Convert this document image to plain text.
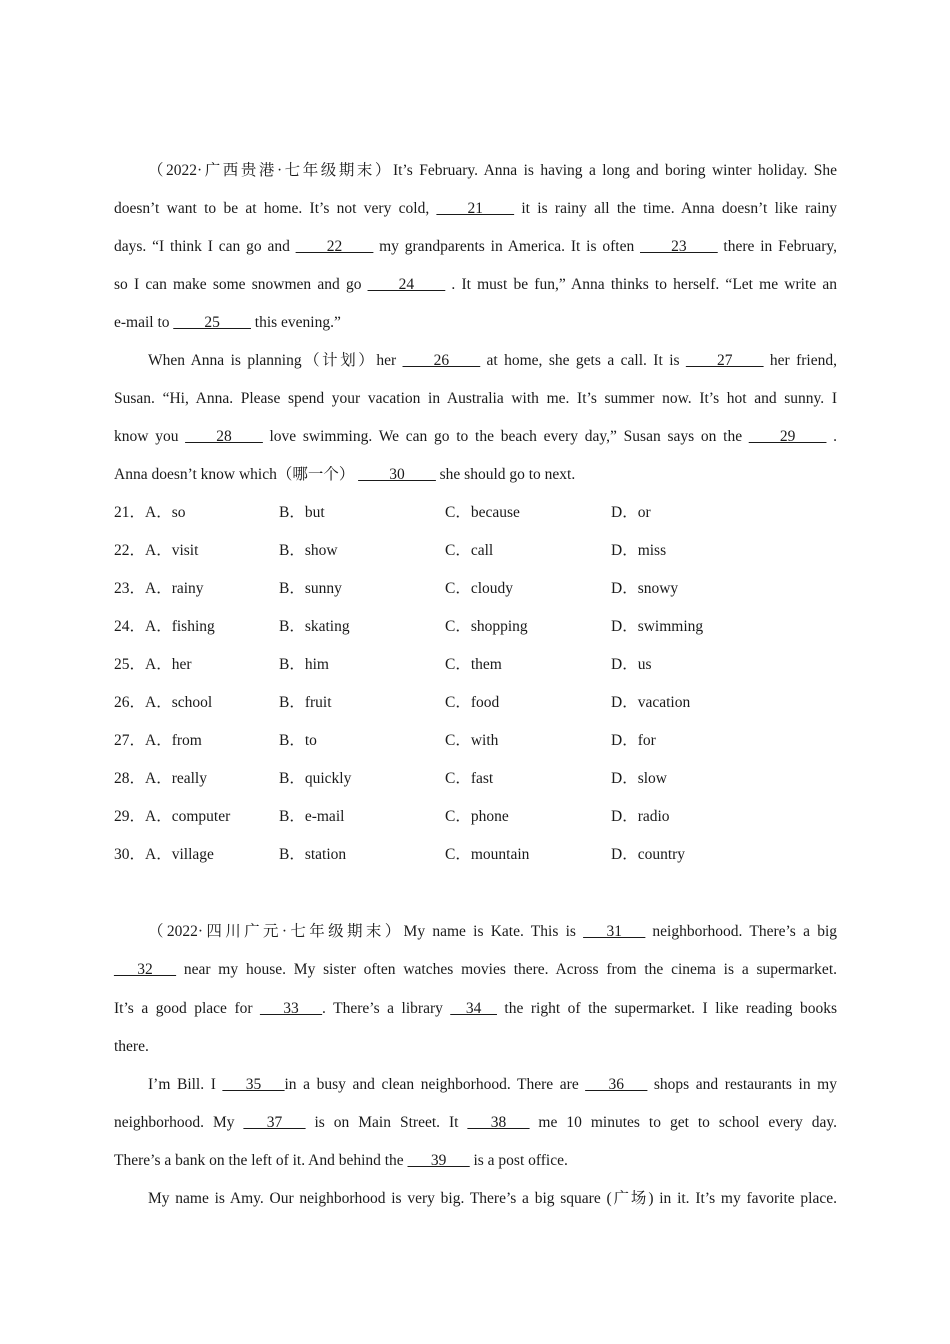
（2022·广西贵港·七年级期末）It’s February. Anna is having a long and boring winter holiday. She
doesn’t want to be at home. It’s not very cold, ____21____ it is rainy all the time. Anna doesn’t like rainy
days. “I think I can go and ____22____ my grandparents in America. It is often ____23____ there in February,
so I can make some snowmen and go ____24____ . It must be fun,” Anna thinks to herself. “Let me write an
e-mail to ____25____ this evening.”
When Anna is planning（计划）her ____26____ at home, she gets a call. It is ____27____ her friend,
Susan. “Hi, Anna. Please spend your vacation in Australia with me. It’s summer now. It’s hot and sunny. I
know you ____28____ love swimming. We can go to the beach every day,” Susan says on the ____29____ .
Anna doesn’t know which（哪一个） ____30____ she should go to next.
21．A．so	B．but	C．because	D．or
22．A．visit	B．show	C．call	D．miss
23．A．rainy	B．sunny	C．cloudy	D．snowy
24．A．fishing	B．skating	C．shopping	D．swimming
25．A．her	B．him	C．them	D．us
26．A．school	B．fruit	C．food	D．vacation
27．A．from	B．to	C．with	D．for
28．A．really	B．quickly	C．fast	D．slow
29．A．computer	B．e-mail	C．phone	D．radio
30．A．village	B．station	C．mountain	D．country
（2022·四川广元·七年级期末）My name is Kate. This is ___31___ neighborhood. There’s a big
___32___ near my house. My sister often watches movies there. Across from the cinema is a supermarket.
It’s a good place for ___33___. There’s a library __34__ the right of the supermarket. I like reading books
there.
I’m Bill. I ___35___in a busy and clean neighborhood. There are ___36___ shops and restaurants in my
neighborhood. My ___37___ is on Main Street. It ___38___ me 10 minutes to get to school every day.
There’s a bank on the left of it. And behind the ___39___ is a post office.
My name is Amy. Our neighborhood is very big. There’s a big square (广场) in it. It’s my favorite place.
